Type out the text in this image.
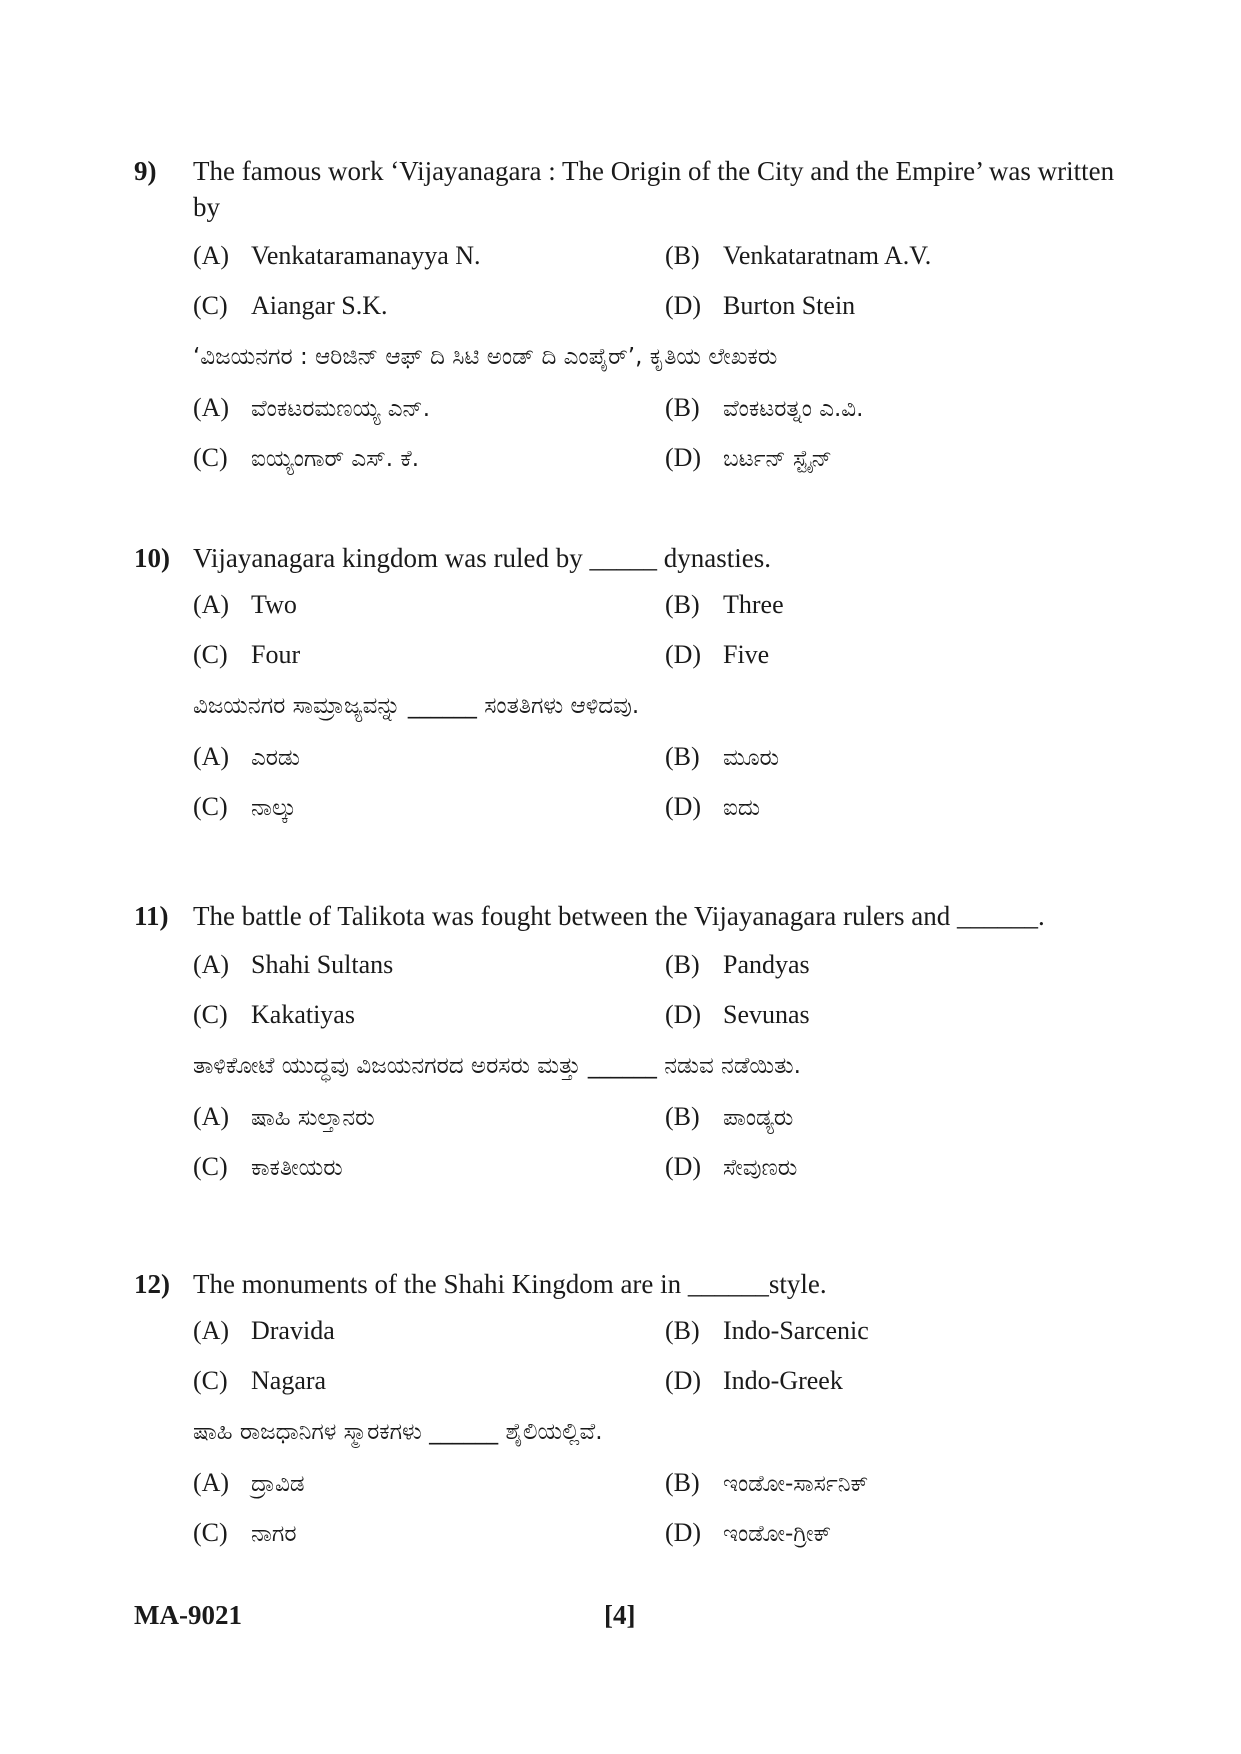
9) The famous work ‘Vijayanagara : The Origin of the City and the Empire’ was written by
(A) Venkataramanayya N.	(B) Venkataratnam A.V.
(C) Aiangar S.K.	(D) Burton Stein
‘ವಿಜಯನಗರ : ಆರಿಜಿನ್ ಆಫ್ ದಿ ಸಿಟಿ ಅಂಡ್ ದಿ ಎಂಪೈರ್’, ಕೃತಿಯ ಲೇಖಕರು
(A) ವೆಂಕಟರಮಣಯ್ಯ ಎನ್.	(B) ವೆಂಕಟರತ್ನಂ ಎ.ವಿ.
(C) ಐಯ್ಯಂಗಾರ್ ಎಸ್. ಕೆ.	(D) ಬರ್ಟನ್ ಸ್ಟೈನ್
10) Vijayanagara kingdom was ruled by _____ dynasties.
(A) Two	(B) Three
(C) Four	(D) Five
ವಿಜಯನಗರ ಸಾಮ್ರಾಜ್ಯವನ್ನು ______ ಸಂತತಿಗಳು ಆಳಿದವು.
(A) ಎರಡು	(B) ಮೂರು
(C) ನಾಲ್ಕು	(D) ಐದು
11) The battle of Talikota was fought between the Vijayanagara rulers and ______.
(A) Shahi Sultans	(B) Pandyas
(C) Kakatiyas	(D) Sevunas
ತಾಳಿಕೋಟೆ ಯುದ್ಧವು ವಿಜಯನಗರದ ಅರಸರು ಮತ್ತು ______ ನಡುವ ನಡೆಯಿತು.
(A) ಷಾಹಿ ಸುಲ್ತಾನರು	(B) ಪಾಂಡ್ಯರು
(C) ಕಾಕತೀಯರು	(D) ಸೇವುಣರು
12) The monuments of the Shahi Kingdom are in ______style.
(A) Dravida	(B) Indo-Sarcenic
(C) Nagara	(D) Indo-Greek
ಷಾಹಿ ರಾಜಧಾನಿಗಳ ಸ್ಮಾರಕಗಳು ______ ಶೈಲಿಯಲ್ಲಿವೆ.
(A) ದ್ರಾವಿಡ	(B) ಇಂಡೋ-ಸಾರ್ಸನಿಕ್
(C) ನಾಗರ	(D) ಇಂಡೋ-ಗ್ರೀಕ್
MA-9021	[4]
